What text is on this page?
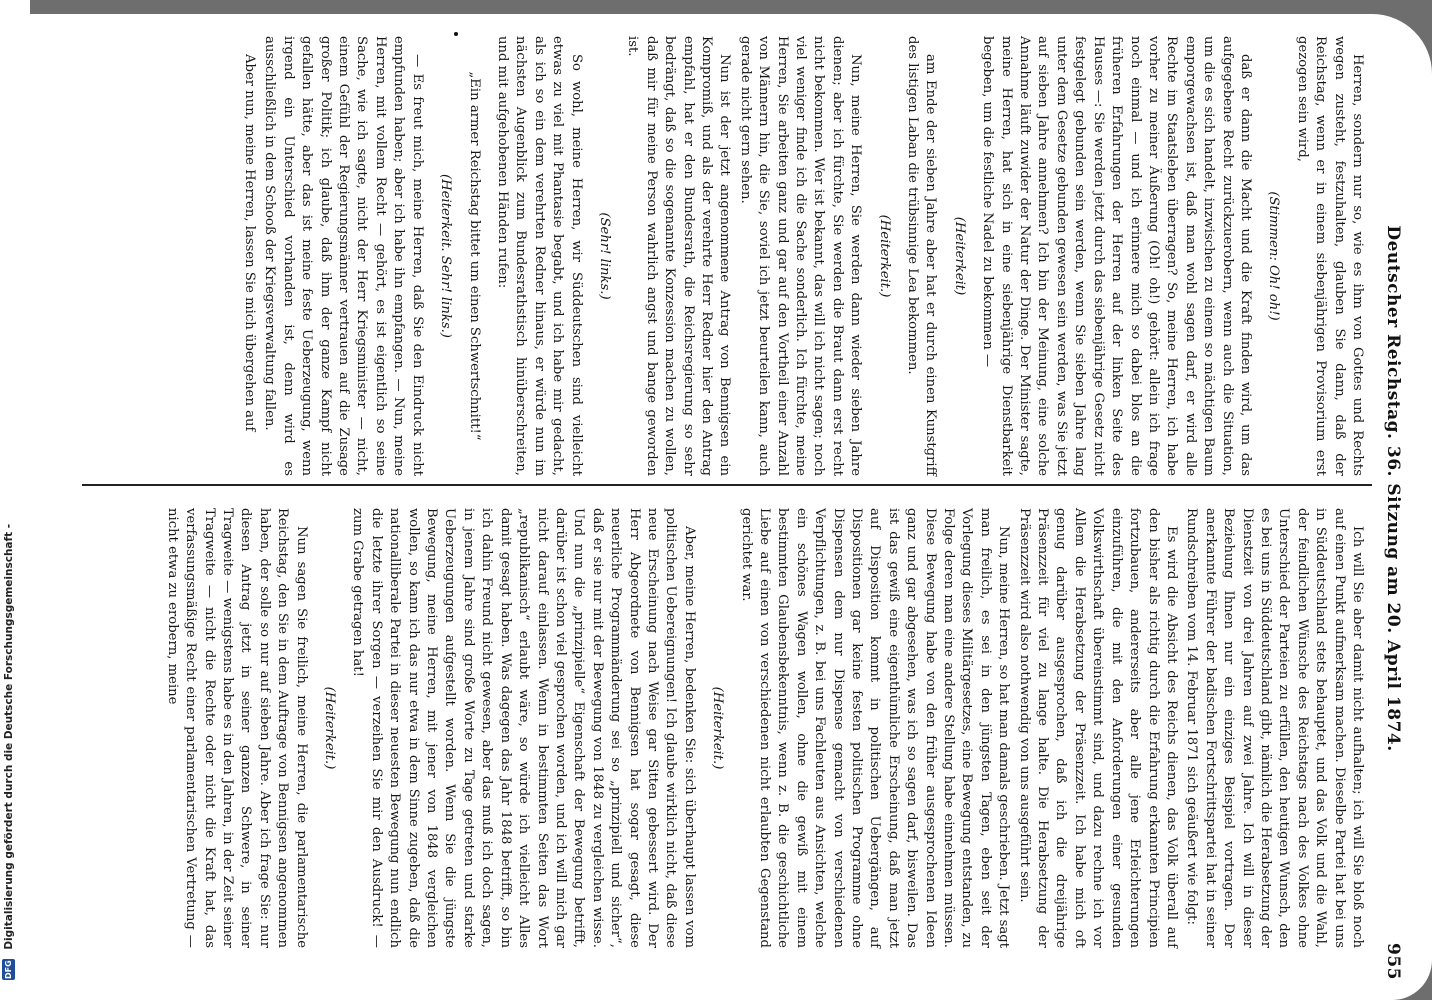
DFG Digitalisierung gefördert durch die Deutsche Forschungsgemeinschaft -	Deutscher Reichstag. 36. Sitzung am 20. April 1874.
955

Herren, sondern nur so, wie es ihm von Gottes und Rechts wegen zusteht, festzuhalten, glauben Sie dann, daß der Reichstag, wenn er in einem siebenjährigen Provisorium erst gezogen sein wird,

(Stimmen: Oh! oh!)

daß er dann die Macht und die Kraft finden wird, um das aufgegebene Recht zurückzuerobern, wenn auch die Situation, um die es sich handelt, inzwischen zu einem so mächtigen Baum emporgewachsen ist, daß man wohl sagen darf, er wird alle Rechte im Staatsleben überragen? So, meine Herren, ich habe vorher zu meiner Äußerung (Oh! oh!) gehört: allein ich frage noch einmal — und ich erinnere mich so dabei blos an die früheren Erfahrungen der Herren auf der linken Seite des Hauses —: Sie werden jetzt durch das siebenjährige Gesetz nicht festgelegt gebunden sein werden, wenn Sie sieben Jahre lang unter dem Gesetze gebunden gewesen sein werden, was Sie jetzt auf sieben Jahre annehmen? Ich bin der Meinung, eine solche Annahme läuft zuwider der Natur der Dinge. Der Minister sagte, meine Herren, hat sich in eine siebenjährige Dienstbarkeit begeben, um die festliche Nadel zu bekommen —

(Heiterkeit)

am Ende der sieben Jahre aber hat er durch einen Kunstgriff des listigen Laban die trübsinnige Lea bekommen.

(Heiterkeit.)

Nun, meine Herren, Sie werden dann wieder sieben Jahre dienen; aber ich fürchte, Sie werden die Braut dann erst recht nicht bekommen. Wer ist bekannt, das will ich nicht sagen; noch viel weniger finde ich die Sache sonderlich. Ich fürchte, meine Herren, Sie arbeiten ganz und gar auf den Vortheil einer Anzahl von Männern hin, die Sie, soviel ich jetzt beurteilen kann, auch gerade nicht gern sehen.

Nun ist der jetzt angenommene Antrag von Bennigsen ein Kompromiß, und als der verehrte Herr Redner hier den Antrag empfahl, hat er den Bundesrath, die Reichsregierung so sehr bedrängt, daß so die sogenannte Konzession machen zu wollen, daß mir für meine Person wahrlich angst und bange geworden ist.

(Sehr! links.)

So wohl, meine Herren, wir Süddeutschen sind vielleicht etwas zu viel mit Phantasie begabt, und ich habe mir gedacht, als ich so ein dem verehrten Redner hinaus, er würde nun im nächsten Augenblick zum Bundesrathstisch hinüberschreiten, und mit aufgehobenen Händen rufen:

„Ein armer Reichstag bittet um einen Schwertschnitt!“

(Heiterkeit. Sehr! links.)

— Es freut mich, meine Herren, daß Sie den Eindruck nicht empfunden haben; aber ich habe ihn empfangen. — Nun, meine Herren, mit vollem Recht — gehört, es ist eigentlich so seine Sache, wie ich sagte, nicht der Herr Kriegsminister — nicht, einem Gefühl der Regierungsmänner vertrauen auf die Zusage großer Politik; ich glaube, daß ihm der ganze Kampf nicht gefallen hätte, aber das ist meine feste Ueberzeugung, wenn irgend ein Unterschied vorhanden ist, denn wird es ausschließlich in dem Schooß der Kriegsverwaltung fallen.

Aber nun, meine Herren, lassen Sie mich übergehen auf

Ich will Sie aber damit nicht aufhalten; ich will Sie bloß noch auf einen Punkt aufmerksam machen. Dieselbe Partei hat bei uns in Süddeutschland stets behauptet, und das Volk und die Wahl, der feindlichen Wünsche des Reichstags nach des Volkes ohne Unterschied der Parteien zu erfüllen, den heutigen Wunsch, den es bei uns in Süddeutschland gibt, nämlich die Herabsetzung der Dienstzeit von drei Jahren auf zwei Jahre. Ich will in dieser Beziehung Ihnen nur ein einziges Beispiel vortragen. Der anerkannte Führer der badischen Fortschrittspartei hat in seiner Rundschreiben vom 14. Februar 1871 sich geäußert wie folgt:

Es wird die Absicht des Reichs dienen, das Volk überall auf den bisher als richtig durch die Erfahrung erkannten Principien fortzubauen, andererseits aber alle jene Erleichterungen einzuführen, die mit den Anforderungen einer gesunden Volkswirthschaft übereinstimmt sind, und dazu rechne ich vor Allem die Herabsetzung der Präsenzzeit. Ich habe mich oft genug darüber ausgesprochen, daß ich die dreijährige Präsenzzeit für viel zu lange halte. Die Herabsetzung der Präsenzzeit wird also nothwendig von uns ausgeführt sein.

Nun, meine Herren, so hat man damals geschrieben. Jetzt sagt man freilich, es sei in den jüngsten Tagen, eben seit der Vorlegung dieses Militärgesetzes, eine Bewegung entstanden, zu Folge deren man eine andere Stellung habe einnehmen müssen. Diese Bewegung habe von den früher ausgesprochenen Ideen ganz und gar abgesehen, was ich so sagen darf, bisweilen. Das ist das gewiß eine eigenthümliche Erscheinung, daß man jetzt auf Disposition kommt in politischen Uebergängen, auf Dispositionen gar keine festen politischen Programme ohne Dispensen dem nur Dispense gemacht von verschiedenen Verpflichtungen, z. B. bei uns Fachleuten aus Ansichten, welche ein schönes Wagen wollen, ohne die gewiß mit einem bestimmten Glaubensbekenntnis, wenn z. B. die geschichtliche Liebe auf einen von verschiedenen nicht erlaubten Gegenstand gerichtet war.

(Heiterkeit.)

Aber, meine Herren, bedenken Sie: sich überhaupt lassen vom politischen Uebereignungen! Ich glaube wirklich nicht, daß diese neue Erscheinung nach Weise gar Sitten gebessert wird. Der Herr Abgeordnete von Bennigsen hat sogar gesagt, diese neuerliche Programmänderung sei so „prinzipiell und sicher“, daß er sie nur mit der Bewegung von 1848 zu vergleichen wisse. Und nun die „prinzipielle“ Eigenschaft der Bewegung betrifft, darüber ist schon viel gesprochen worden, und ich will mich gar nicht darauf einlassen. Wenn in bestimmten Seiten das Wort „republikanisch“ erlaubt wäre, so würde ich vielleicht Alles damit gesagt haben. Was dagegen das Jahr 1848 betrifft, so bin ich dahin Freund nicht gewesen, aber das muß ich doch sagen, in jenem Jahre sind große Worte zu Tage getreten und starke Ueberzeugungen aufgestellt worden. Wenn Sie die jüngste Bewegung, meine Herren, mit jener von 1848 vergleichen wollen, so kann ich das nur etwa in dem Sinne zugeben, daß die nationalliberale Partei in dieser neuesten Bewegung nun endlich die letzte ihrer Sorgen — verzeihen Sie mir den Ausdruck! — zum Grabe getragen hat!

(Heiterkeit.)

Nun sagen Sie freilich, meine Herren, die parlamentarische Reichstag, den Sie in dem Auftrage von Bennigsen angenommen haben, der solle so nur auf sieben Jahre. Aber ich frage Sie: nur diesen Antrag jetzt in seiner ganzen Schwere, in seiner Tragweite — wenigstens habe es in den Jahren, in der Zeit seiner Tragweite — nicht die Rechte oder nicht die Kraft hat, das verfassungsmäßige Recht einer parlamentarischen Vertretung — nicht etwa zu erobern, meine
